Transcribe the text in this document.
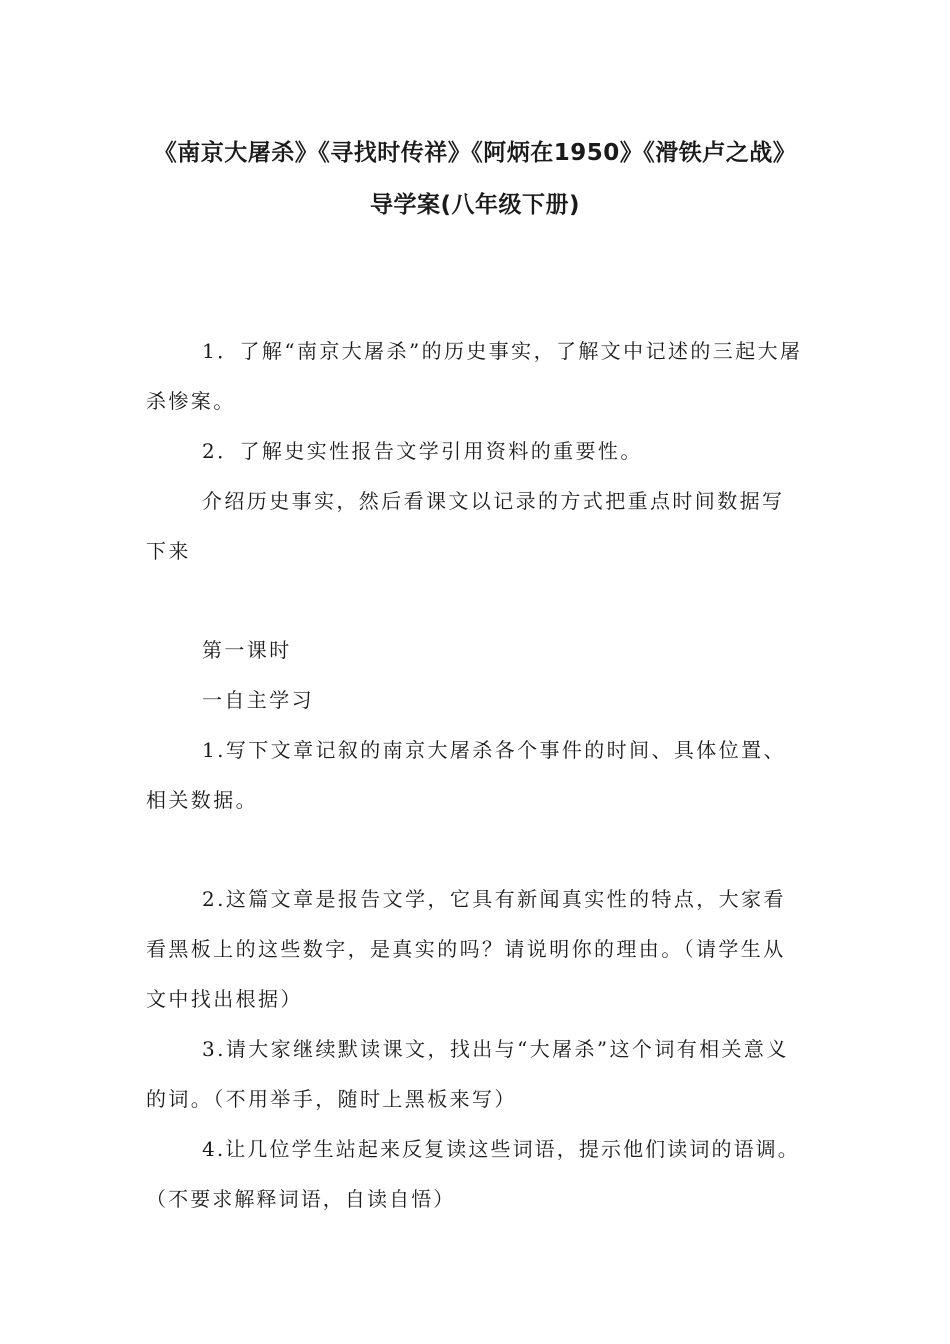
《南京大屠杀》《寻找时传祥》《阿炳在1950》《滑铁卢之战》
导学案(八年级下册)

1．了解“南京大屠杀”的历史事实，了解文中记述的三起大屠杀惨案。

2．了解史实性报告文学引用资料的重要性。

介绍历史事实，然后看课文以记录的方式把重点时间数据写下来

第一课时

一自主学习

1.写下文章记叙的南京大屠杀各个事件的时间、具体位置、相关数据。

2.这篇文章是报告文学，它具有新闻真实性的特点，大家看看黑板上的这些数字，是真实的吗？请说明你的理由。（请学生从文中找出根据）

3.请大家继续默读课文，找出与“大屠杀”这个词有相关意义的词。（不用举手，随时上黑板来写）

4.让几位学生站起来反复读这些词语，提示他们读词的语调。（不要求解释词语，自读自悟）
